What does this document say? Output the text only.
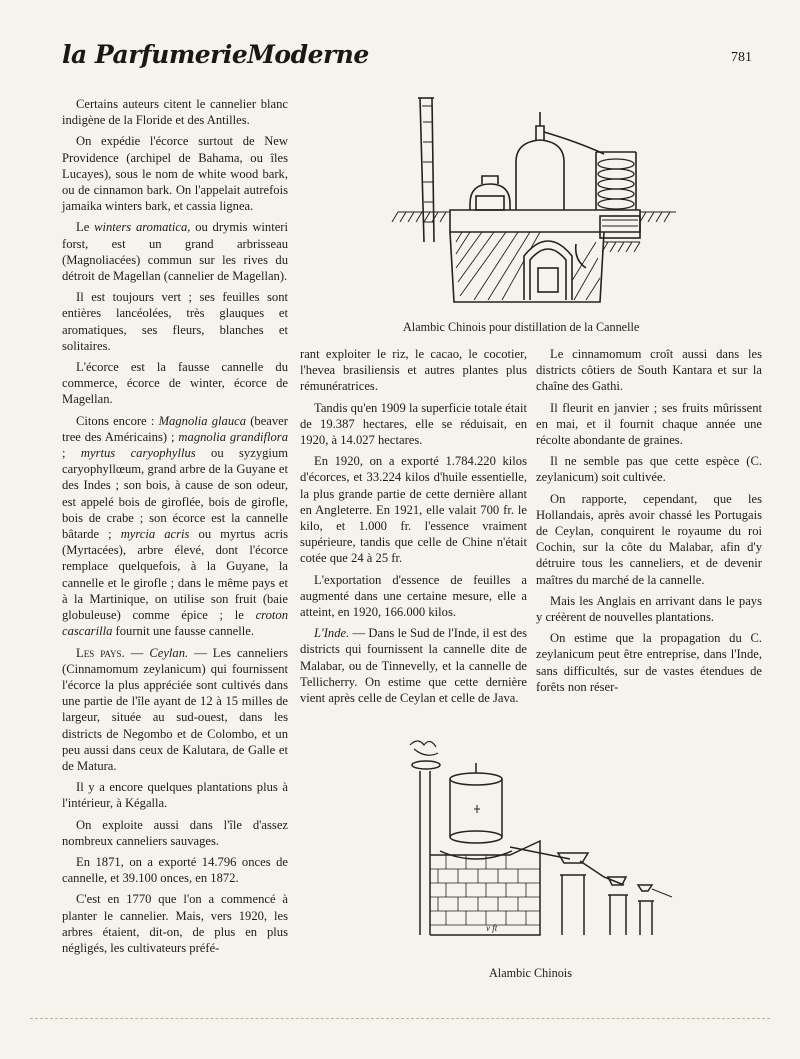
la ParfumerieModerne	781

Certains auteurs citent le cannelier blanc indigène de la Floride et des Antilles.

On expédie l'écorce surtout de New Providence (archipel de Bahama, ou îles Lucayes), sous le nom de white wood bark, ou de cinnamon bark. On l'appelait autrefois jamaika winters bark, et cassia lignea.

Le winters aromatica, ou drymis winteri forst, est un grand arbrisseau (Magnoliacées) commun sur les rives du détroit de Magellan (cannelier de Magellan).

Il est toujours vert ; ses feuilles sont entières lancéolées, très glauques et aromatiques, ses fleurs, blanches et solitaires.

L'écorce est la fausse cannelle du commerce, écorce de winter, écorce de Magellan.

Citons encore : Magnolia glauca (beaver tree des Américains) ; magnolia grandiflora ; myrtus caryophyllus ou syzygium caryophyllœum, grand arbre de la Guyane et des Indes ; son bois, à cause de son odeur, est appelé bois de giroflée, bois de girofle, bois de crabe ; son écorce est la cannelle bâtarde ; myrcia acris ou myrtus acris (Myrtacées), arbre élevé, dont l'écorce remplace quelquefois, à la Guyane, la cannelle et le girofle ; dans le même pays et à la Martinique, on utilise son fruit (baie globuleuse) comme épice ; le croton cascarilla fournit une fausse cannelle.

Les pays. — Ceylan. — Les canneliers (Cinnamomum zeylanicum) qui fournissent l'écorce la plus appréciée sont cultivés dans une partie de l'île ayant de 12 à 15 milles de largeur, située au sud-ouest, dans les districts de Negombo et de Colombo, et un peu aussi dans ceux de Kalutara, de Galle et de Matura.

Il y a encore quelques plantations plus à l'intérieur, à Kégalla.

On exploite aussi dans l'île d'assez nombreux canneliers sauvages.

En 1871, on a exporté 14.796 onces de cannelle, et 39.100 onces, en 1872.

C'est en 1770 que l'on a commencé à planter le cannelier. Mais, vers 1920, les arbres étaient, dit-on, de plus en plus négligés, les cultivateurs préfé-

rant exploiter le riz, le cacao, le cocotier, l'hevea brasiliensis et autres plantes plus rémunératrices.

Tandis qu'en 1909 la superficie totale était de 19.387 hectares, elle se réduisait, en 1920, à 14.027 hectares.

En 1920, on a exporté 1.784.220 kilos d'écorces, et 33.224 kilos d'huile essentielle, la plus grande partie de cette dernière allant en Angleterre. En 1921, elle valait 700 fr. le kilo, et 1.000 fr. l'essence vraiment supérieure, tandis que celle de Chine n'était cotée que 24 à 25 fr.

L'exportation d'essence de feuilles a augmenté dans une certaine mesure, elle a atteint, en 1920, 166.000 kilos.

L'Inde. — Dans le Sud de l'Inde, il est des districts qui fournissent la cannelle dite de Malabar, ou de Tinnevelly, et la cannelle de Tellicherry. On estime que cette dernière vient après celle de Ceylan et celle de Java.

Le cinnamomum croît aussi dans les districts côtiers de South Kantara et sur la chaîne des Gathi.

Il fleurit en janvier ; ses fruits mûrissent en mai, et il fournit chaque année une récolte abondante de graines.

Il ne semble pas que cette espèce (C. zeylanicum) soit cultivée.

On rapporte, cependant, que les Hollandais, après avoir chassé les Portugais de Ceylan, conquirent le royaume du roi Cochin, sur la côte du Malabar, afin d'y détruire tous les canneliers, et de devenir maîtres du marché de la cannelle.

Mais les Anglais en arrivant dans le pays y créèrent de nouvelles plantations.

On estime que la propagation du C. zeylanicum peut être entreprise, dans l'Inde, sans difficultés, sur de vastes étendues de forêts non réser-

Alambic Chinois pour distillation de la Cannelle
v ft
Alambic Chinois
